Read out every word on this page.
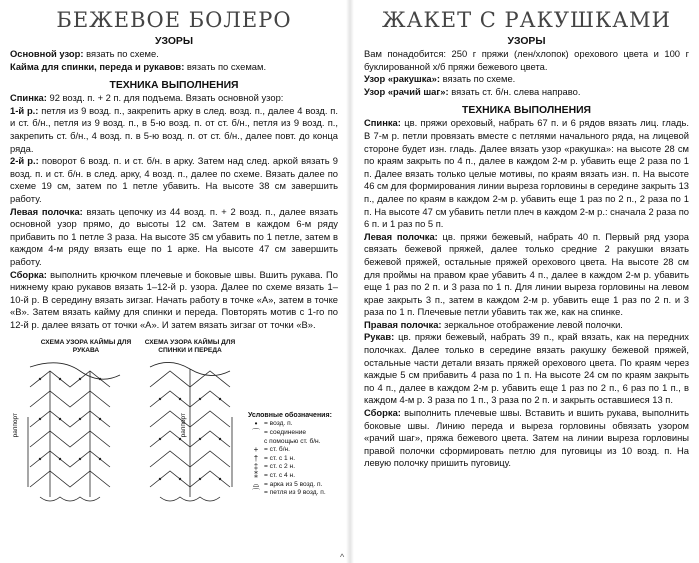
БЕЖЕВОЕ БОЛЕРО
УЗОРЫ

Основной узор: вязать по схеме.

Кайма для спинки, переда и рукавов: вязать по схемам.

ТЕХНИКА ВЫПОЛНЕНИЯ

Спинка: 92 возд. п. + 2 п. для подъема. Вязать основной узор:

1-й р.: петля из 9 возд. п., закрепить арку в след. возд. п., далее 4 возд. п. и ст. б/н., петля из 9 возд. п., в 5-ю возд. п. от ст. б/н., петля из 9 возд. п., закрепить ст. б/н., 4 возд. п. в 5-ю возд. п. от ст. б/н., далее повт. до конца ряда.

2-й р.: поворот 6 возд. п. и ст. б/н. в арку. Затем над след. аркой вязать 9 возд. п. и ст. б/н. в след. арку, 4 возд. п., далее по схеме. Вязать далее по схеме 19 см, затем по 1 петле убавить. На высоте 38 см завершить работу.

Левая полочка: вязать цепочку из 44 возд. п. + 2 возд. п., далее вязать основной узор прямо, до высоты 12 см. Затем в каждом 6-м ряду прибавить по 1 петле 3 раза. На высоте 35 см убавить по 1 петле, затем в каждом 4-м ряду вязать еще по 1 арке. На высоте 47 см завершить работу.

Сборка: выполнить крючком плечевые и боковые швы. Вшить рукава. По нижнему краю рукавов вязать 1–12-й р. узора. Далее по схеме вязать 1–10-й р. В середину вязать зигзаг. Начать работу в точке «А», затем в точке «В». Затем вязать кайму для спинки и переда. Повторять мотив с 1-го по 12-й р. далее вязать от точки «А». И затем вязать зигзаг от точки «В».

СХЕМА УЗОРА КАЙМЫ ДЛЯ РУКАВА
СХЕМА УЗОРА КАЙМЫ ДЛЯ СПИНКИ И ПЕРЕДА
раппорт	раппорт	Условные обозначения:
• = возд. п.
⌒ = соединение
с помощью ст. б/н.
+ = ст. б/н.
† = ст. с 1 н.
‡ = ст. с 2 н.
⁑ = ст. с 4 н.
⌓ = арка из 5 возд. п.
⌒ = петля из 9 возд. п.
^
ЖАКЕТ С РАКУШКАМИ
УЗОРЫ

Вам понадобится: 250 г пряжи (лен/хлопок) орехового цвета и 100 г буклированной х/б пряжи бежевого цвета.

Узор «ракушка»: вязать по схеме.

Узор «рачий шаг»: вязать ст. б/н. слева направо.

ТЕХНИКА ВЫПОЛНЕНИЯ

Спинка: цв. пряжи ореховый, набрать 67 п. и 6 рядов вязать лиц. гладь. В 7-м р. петли провязать вместе с петлями начального ряда, на лицевой стороне будет изн. гладь. Далее вязать узор «ракушка»: на высоте 28 см по краям закрыть по 4 п., далее в каждом 2-м р. убавить еще 2 раза по 1 п. Далее вязать только целые мотивы, по краям вязать изн. п. На высоте 46 см для формирования линии выреза горловины в середине закрыть 13 п., далее по краям в каждом 2-м р. убавить еще 1 раз по 2 п., 2 раза по 1 п. На высоте 47 см убавить петли плеч в каждом 2-м р.: сначала 2 раза по 6 п. и 1 раз по 5 п.

Левая полочка: цв. пряжи бежевый, набрать 40 п. Первый ряд узора связать бежевой пряжей, далее только средние 2 ракушки вязать бежевой пряжей, остальные пряжей орехового цвета. На высоте 28 см для проймы на правом крае убавить 4 п., далее в каждом 2-м р. убавить еще 1 раз по 2 п. и 3 раза по 1 п. Для линии выреза горловины на левом крае закрыть 3 п., затем в каждом 2-м р. убавить еще 1 раз по 2 п. и 3 раза по 1 п. Плечевые петли убавить так же, как на спинке.

Правая полочка: зеркальное отображение левой полочки.

Рукав: цв. пряжи бежевый, набрать 39 п., край вязать, как на передних полочках. Далее только в середине вязать ракушку бежевой пряжей, остальные части детали вязать пряжей орехового цвета. По краям через каждые 5 см прибавить 4 раза по 1 п. На высоте 24 см по краям закрыть по 4 п., далее в каждом 2-м р. убавить еще 1 раз по 2 п., 6 раз по 1 п., в каждом 4-м р. 3 раза по 1 п., 3 раза по 2 п. и закрыть оставшиеся 13 п.

Сборка: выполнить плечевые швы. Вставить и вшить рукава, выполнить боковые швы. Линию переда и выреза горловины обвязать узором «рачий шаг», пряжа бежевого цвета. Затем на линии выреза горловины правой полочки сформировать петлю для пуговицы из 10 возд. п. На левую полочку пришить пуговицу.
